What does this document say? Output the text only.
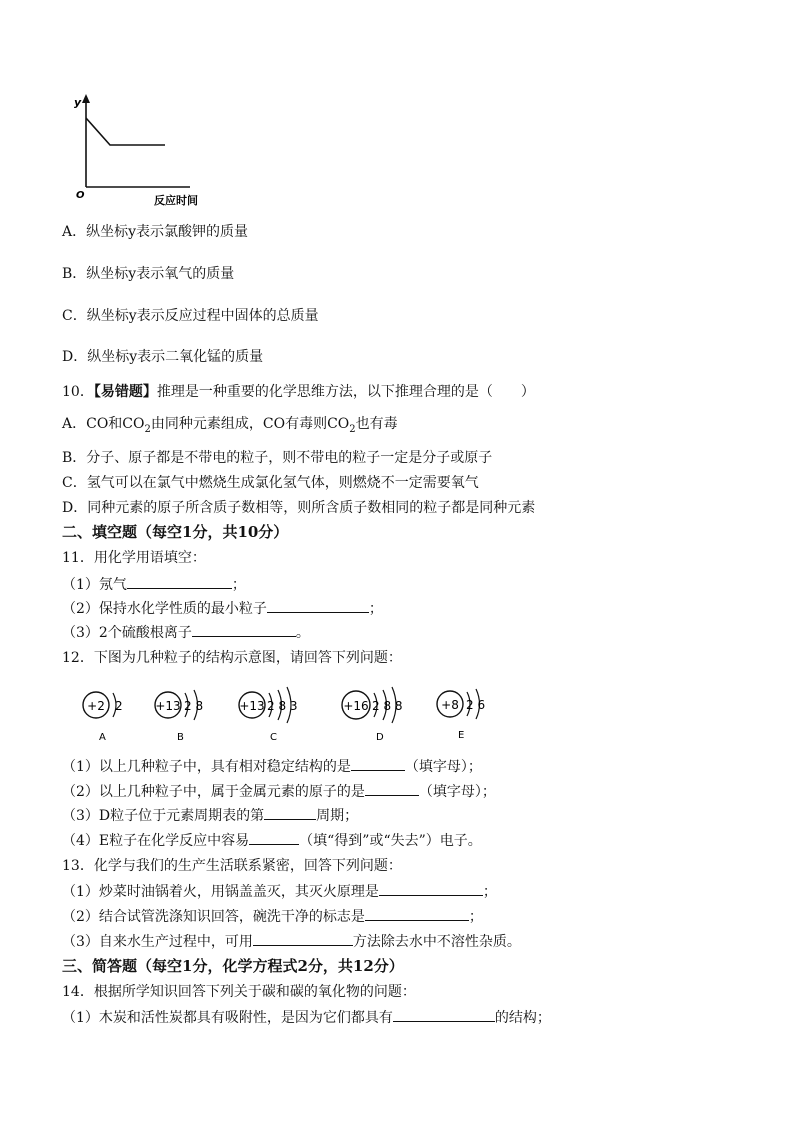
y
O	反应时间
A．纵坐标y表示氯酸钾的质量
B．纵坐标y表示氧气的质量
C．纵坐标y表示反应过程中固体的总质量
D．纵坐标y表示二氧化锰的质量
10．【易错题】推理是一种重要的化学思维方法，以下推理合理的是（　　）
A．CO和$CO_2$由同种元素组成，CO有毒则$CO_2$也有毒
B．分子、原子都是不带电的粒子，则不带电的粒子一定是分子或原子
C．氢气可以在氯气中燃烧生成氯化氢气体，则燃烧不一定需要氧气
D．同种元素的原子所含质子数相等，则所含质子数相同的粒子都是同种元素
二、填空题（每空1分，共10分）
11．用化学用语填空：
（1）氖气	；
（2）保持水化学性质的最小粒子	；
（3）2个硫酸根离子	。
12．下图为几种粒子的结构示意图，请回答下列问题：
+2 2
A
+13 2 8
B
+13 2 8 3
C
+16 2 8 8
D
+8 2 6
E
（1）以上几种粒子中，具有相对稳定结构的是	（填字母）；
（2）以上几种粒子中，属于金属元素的原子的是	（填字母）；
（3）D粒子位于元素周期表的第	周期；
（4）E粒子在化学反应中容易	（填“得到”或“失去”）电子。
13．化学与我们的生产生活联系紧密，回答下列问题：
（1）炒菜时油锅着火，用锅盖盖灭，其灭火原理是	；
（2）结合试管洗涤知识回答，碗洗干净的标志是	；
（3）自来水生产过程中，可用	方法除去水中不溶性杂质。
三、简答题（每空1分，化学方程式2分，共12分）
14．根据所学知识回答下列关于碳和碳的氧化物的问题：
（1）木炭和活性炭都具有吸附性，是因为它们都具有	的结构；
